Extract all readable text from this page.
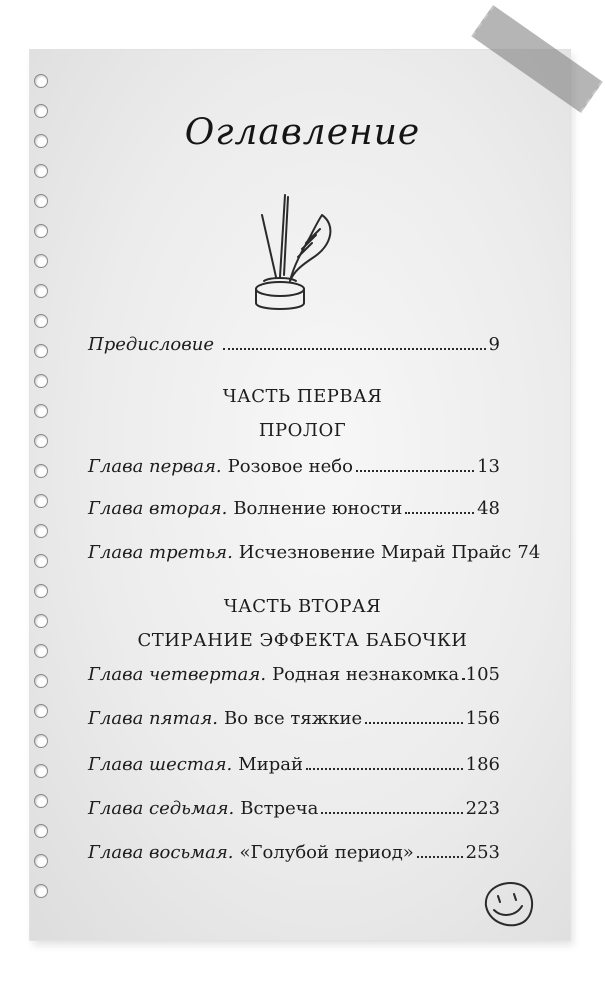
Оглавление
Предисловие	9
ЧАСТЬ ПЕРВАЯ
ПРОЛОГ
Глава первая. Розовое небо	13
Глава вторая. Волнение юности	48
Глава третья. Исчезновение Мирай Прайс 74
ЧАСТЬ ВТОРАЯ
СТИРАНИЕ ЭФФЕКТА БАБОЧКИ
Глава четвертая. Родная незнакомка 105
Глава пятая. Во все тяжкие	156
Глава шестая. Мирай	186
Глава седьмая. Встреча	223
Глава восьмая. «Голубой период»	253
